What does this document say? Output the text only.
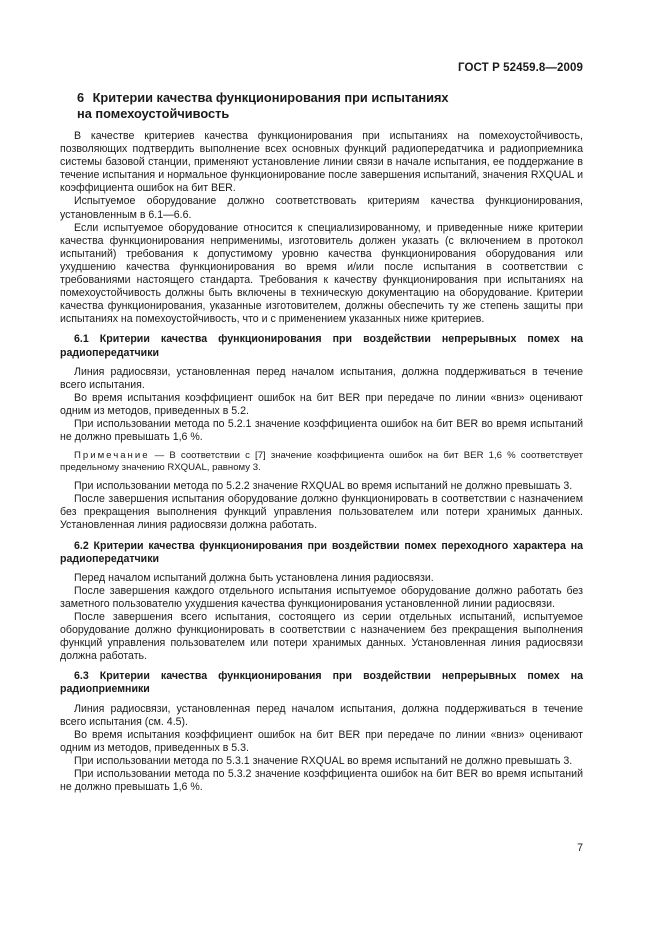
ГОСТ Р 52459.8—2009
6 Критерии качества функционирования при испытаниях
на помехоустойчивость

В качестве критериев качества функционирования при испытаниях на помехоустойчивость, позволяющих подтвердить выполнение всех основных функций радиопередатчика и радиоприемника системы базовой станции, применяют установление линии связи в начале испытания, ее поддержание в течение испытания и нормальное функционирование после завершения испытаний, значения RXQUAL и коэффициента ошибок на бит BER.

Испытуемое оборудование должно соответствовать критериям качества функционирования, установленным в 6.1—6.6.

Если испытуемое оборудование относится к специализированному, и приведенные ниже критерии качества функционирования неприменимы, изготовитель должен указать (с включением в протокол испытаний) требования к допустимому уровню качества функционирования оборудования или ухудшению качества функционирования во время и/или после испытания в соответствии с требованиями настоящего стандарта. Требования к качеству функционирования при испытаниях на помехоустойчивость должны быть включены в техническую документацию на оборудование. Критерии качества функционирования, указанные изготовителем, должны обеспечить ту же степень защиты при испытаниях на помехоустойчивость, что и с применением указанных ниже критериев.

6.1 Критерии качества функционирования при воздействии непрерывных помех на радиопередатчики

Линия радиосвязи, установленная перед началом испытания, должна поддерживаться в течение всего испытания.

Во время испытания коэффициент ошибок на бит BER при передаче по линии «вниз» оценивают одним из методов, приведенных в 5.2.

При использовании метода по 5.2.1 значение коэффициента ошибок на бит BER во время испытаний не должно превышать 1,6 %.

Примечание — В соответствии с [7] значение коэффициента ошибок на бит BER 1,6 % соответствует предельному значению RXQUAL, равному 3.

При использовании метода по 5.2.2 значение RXQUAL во время испытаний не должно превышать 3.

После завершения испытания оборудование должно функционировать в соответствии с назначением без прекращения выполнения функций управления пользователем или потери хранимых данных. Установленная линия радиосвязи должна работать.

6.2 Критерии качества функционирования при воздействии помех переходного характера на радиопередатчики

Перед началом испытаний должна быть установлена линия радиосвязи.

После завершения каждого отдельного испытания испытуемое оборудование должно работать без заметного пользователю ухудшения качества функционирования установленной линии радиосвязи.

После завершения всего испытания, состоящего из серии отдельных испытаний, испытуемое оборудование должно функционировать в соответствии с назначением без прекращения выполнения функций управления пользователем или потери хранимых данных. Установленная линия радиосвязи должна работать.

6.3 Критерии качества функционирования при воздействии непрерывных помех на радиоприемники

Линия радиосвязи, установленная перед началом испытания, должна поддерживаться в течение всего испытания (см. 4.5).

Во время испытания коэффициент ошибок на бит BER при передаче по линии «вниз» оценивают одним из методов, приведенных в 5.3.

При использовании метода по 5.3.1 значение RXQUAL во время испытаний не должно превышать 3.

При использовании метода по 5.3.2 значение коэффициента ошибок на бит BER во время испытаний не должно превышать 1,6 %.

7
